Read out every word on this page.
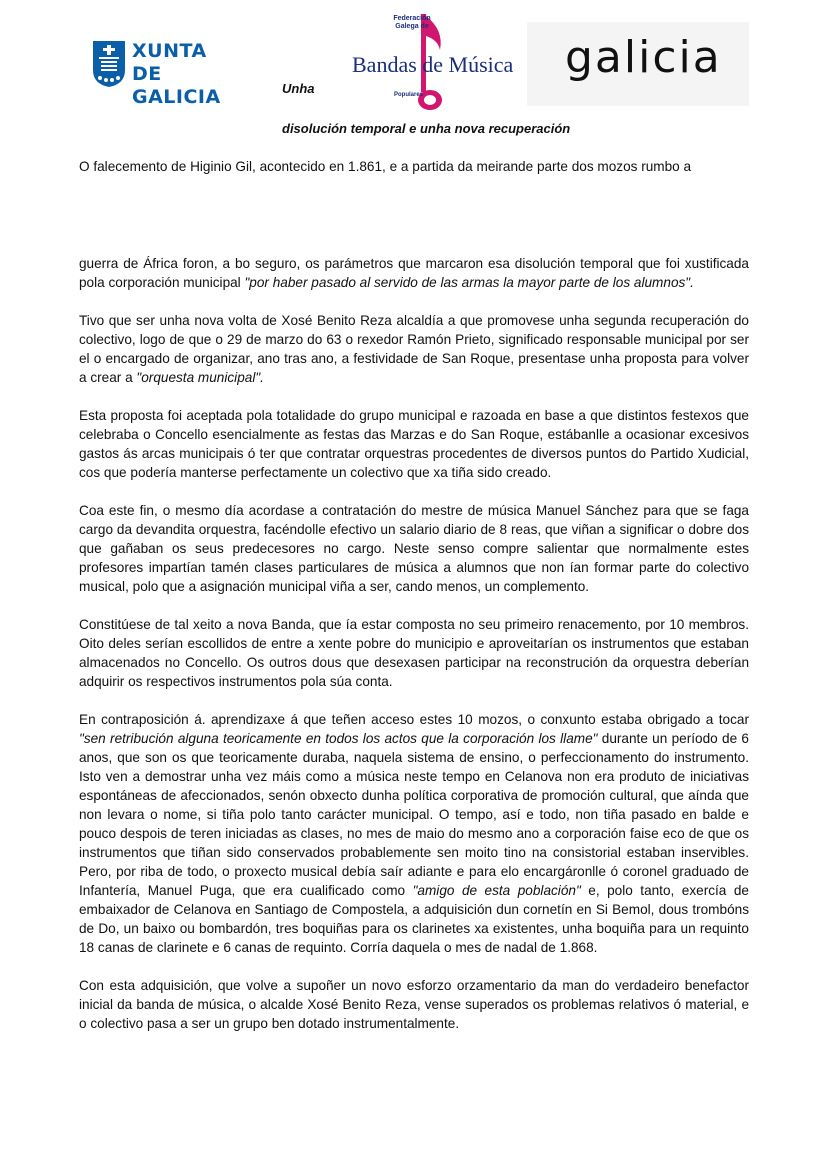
XUNTA
DE GALICIA
Federación
Galega de
Bandas de Música
Populares
galicia
Unha
disolución temporal e unha nova recuperación
O falecemento de Higinio Gil, acontecido en 1.861, e a partida da meirande parte dos mozos rumbo a

guerra de África foron, a bo seguro, os parámetros que marcaron esa disolución temporal que foi xustificada pola corporación municipal "por haber pasado al servido de las armas la mayor parte de los alumnos".

Tivo que ser unha nova volta de Xosé Benito Reza alcaldía a que promovese unha segunda recuperación do colectivo, logo de que o 29 de marzo do 63 o rexedor Ramón Prieto, significado responsable municipal por ser el o encargado de organizar, ano tras ano, a festividade de San Roque, presentase unha proposta para volver a crear a "orquesta municipal".

Esta proposta foi aceptada pola totalidade do grupo municipal e razoada en base a que distintos festexos que celebraba o Concello esencialmente as festas das Marzas e do San Roque, estábanlle a ocasionar excesivos gastos ás arcas municipais ó ter que contratar orquestras procedentes de diversos puntos do Partido Xudicial, cos que podería manterse perfectamente un colectivo que xa tiña sido creado.

Coa este fin, o mesmo día acordase a contratación do mestre de música Manuel Sánchez para que se faga cargo da devandita orquestra, facéndolle efectivo un salario diario de 8 reas, que viñan a significar o dobre dos que gañaban os seus predecesores no cargo. Neste senso compre salientar que normalmente estes profesores impartían tamén clases particulares de música a alumnos que non ían formar parte do colectivo musical, polo que a asignación municipal viña a ser, cando menos, un complemento.

Constitúese de tal xeito a nova Banda, que ía estar composta no seu primeiro renacemento, por 10 membros. Oito deles serían escollidos de entre a xente pobre do municipio e aproveitarían os instrumentos que estaban almacenados no Concello. Os outros dous que desexasen participar na reconstrución da orquestra deberían adquirir os respectivos instrumentos pola súa conta.

En contraposición á. aprendizaxe á que teñen acceso estes 10 mozos, o conxunto estaba obrigado a tocar "sen retribución alguna teoricamente en todos los actos que la corporación los llame" durante un período de 6 anos, que son os que teoricamente duraba, naquela sistema de ensino, o perfeccionamento do instrumento. Isto ven a demostrar unha vez máis como a música neste tempo en Celanova non era produto de iniciativas espontáneas de afeccionados, senón obxecto dunha política corporativa de promoción cultural, que aínda que non levara o nome, si tiña polo tanto carácter municipal. O tempo, así e todo, non tiña pasado en balde e pouco despois de teren iniciadas as clases, no mes de maio do mesmo ano a corporación faise eco de que os instrumentos que tiñan sido conservados probablemente sen moito tino na consistorial estaban inservibles. Pero, por riba de todo, o proxecto musical debía saír adiante e para elo encargáronlle ó coronel graduado de Infantería, Manuel Puga, que era cualificado como "amigo de esta población" e, polo tanto, exercía de embaixador de Celanova en Santiago de Compostela, a adquisición dun cornetín en Si Bemol, dous trombóns de Do, un baixo ou bombardón, tres boquiñas para os clarinetes xa existentes, unha boquiña para un requinto 18 canas de clarinete e 6 canas de requinto. Corría daquela o mes de nadal de 1.868.

Con esta adquisición, que volve a supoñer un novo esforzo orzamentario da man do verdadeiro benefactor inicial da banda de música, o alcalde Xosé Benito Reza, vense superados os problemas relativos ó material, e o colectivo pasa a ser un grupo ben dotado instrumentalmente.
